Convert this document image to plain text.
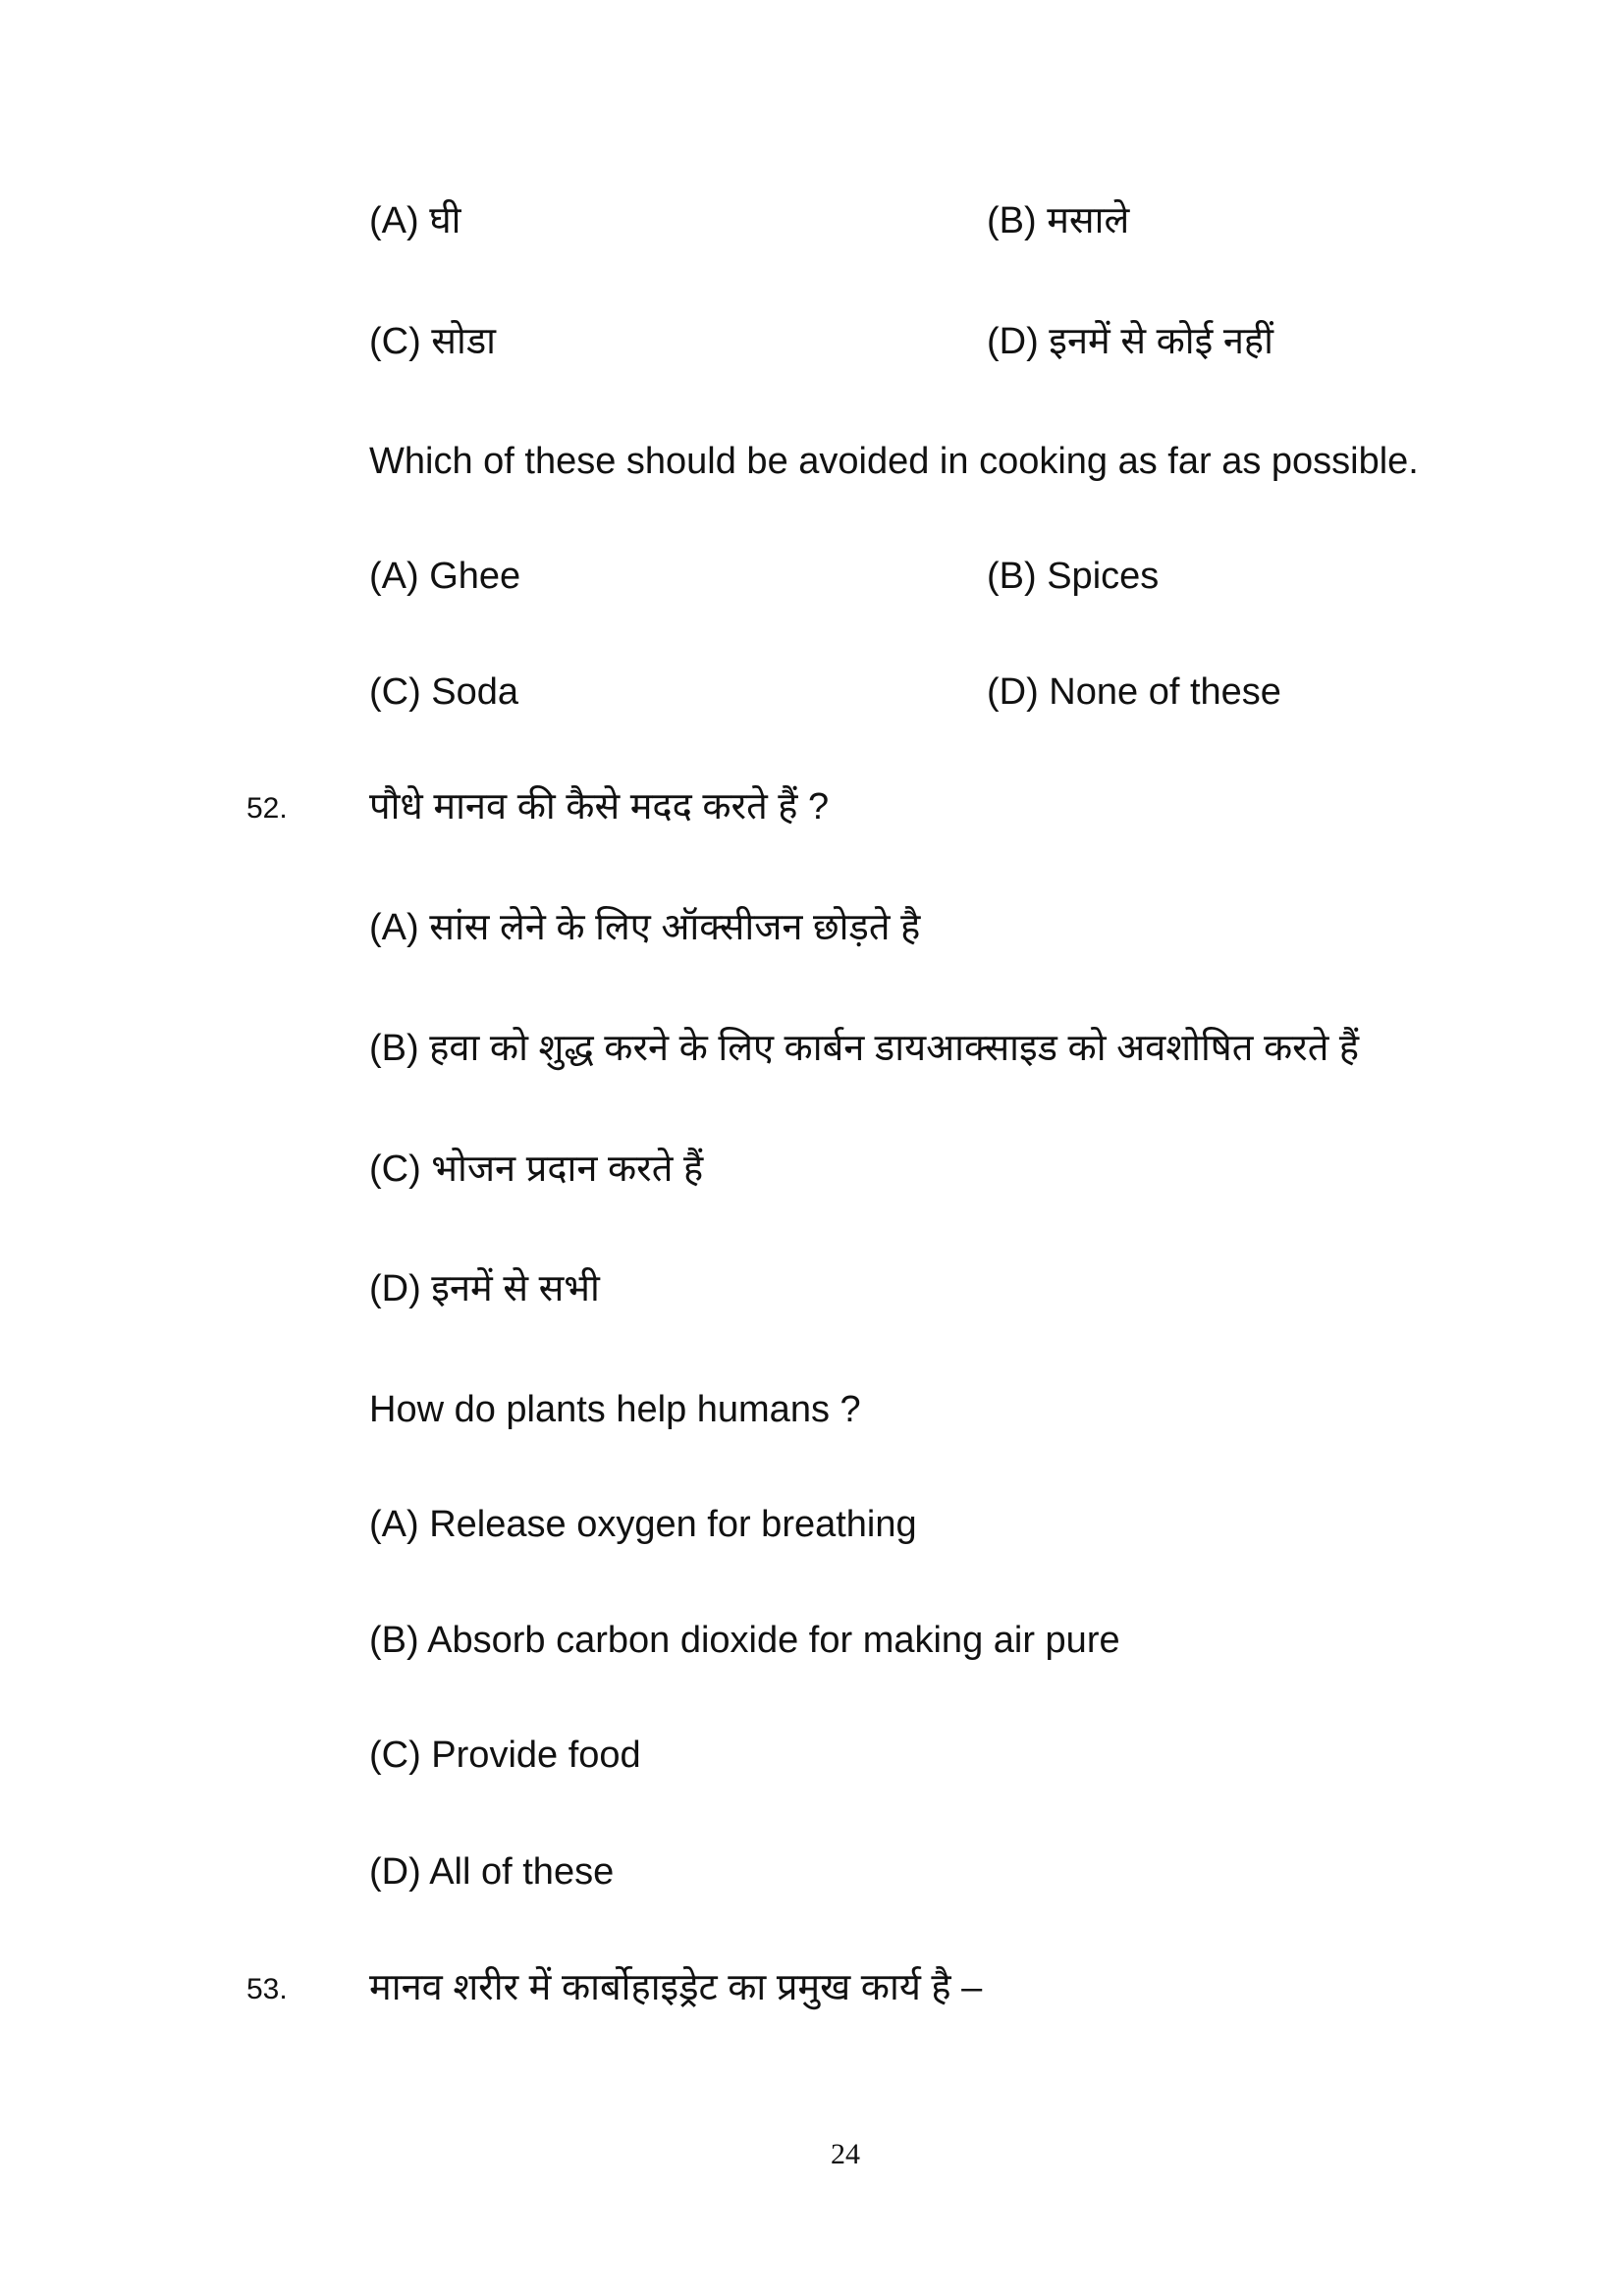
(A) घी	(B) मसाले
(C) सोडा	(D) इनमें से कोई नहीं
Which of these should be avoided in cooking as far as possible.
(A) Ghee	(B) Spices
(C) Soda	(D) None of these
52. पौधे मानव की कैसे मदद करते हैं ?
(A) सांस लेने के लिए ऑक्सीजन छोड़ते है
(B) हवा को शुद्ध करने के लिए कार्बन डायआक्साइड को अवशोषित करते हैं
(C) भोजन प्रदान करते हैं
(D) इनमें से सभी
How do plants help humans ?
(A) Release oxygen for breathing
(B) Absorb carbon dioxide for making air pure
(C) Provide food
(D) All of these
53. मानव शरीर में कार्बोहाइड्रेट का प्रमुख कार्य है –
24
